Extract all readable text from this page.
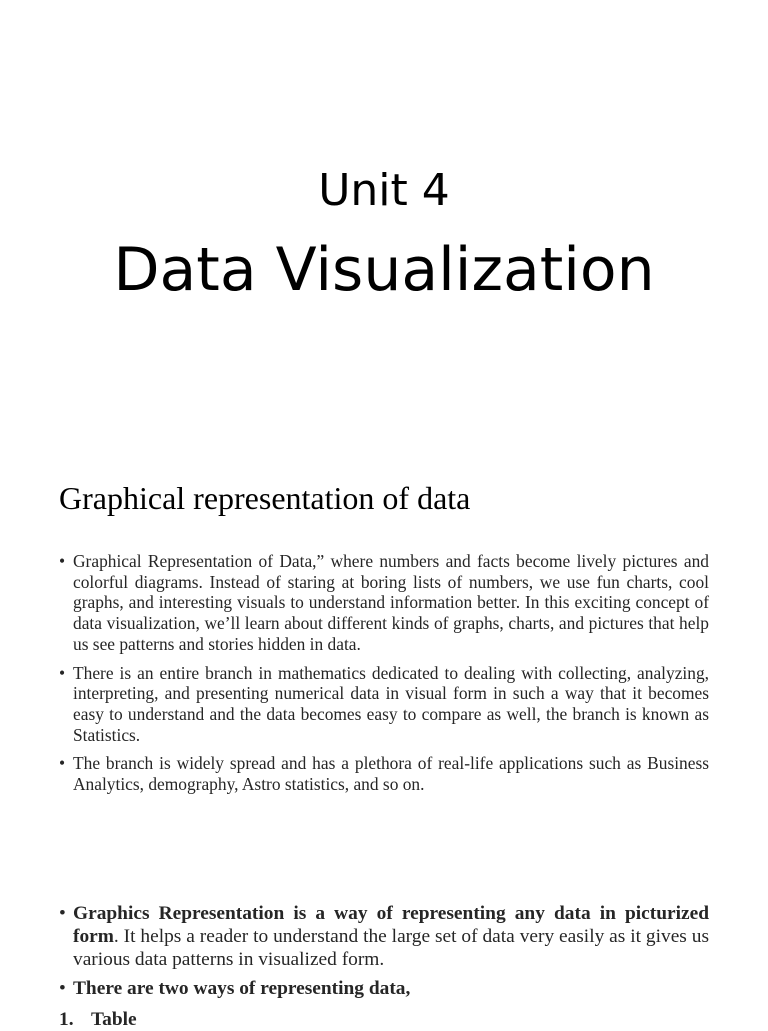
Unit 4
Data Visualization
Graphical representation of data
• Graphical Representation of Data,” where numbers and facts become lively pictures and colorful diagrams. Instead of staring at boring lists of numbers, we use fun charts, cool graphs, and interesting visuals to understand information better. In this exciting concept of data visualization, we’ll learn about different kinds of graphs, charts, and pictures that help us see patterns and stories hidden in data.
• There is an entire branch in mathematics dedicated to dealing with collecting, analyzing, interpreting, and presenting numerical data in visual form in such a way that it becomes easy to understand and the data becomes easy to compare as well, the branch is known as Statistics.
• The branch is widely spread and has a plethora of real-life applications such as Business Analytics, demography, Astro statistics, and so on.
• Graphics Representation is a way of representing any data in picturized form. It helps a reader to understand the large set of data very easily as it gives us various data patterns in visualized form.
• There are two ways of representing data,
1. Table
